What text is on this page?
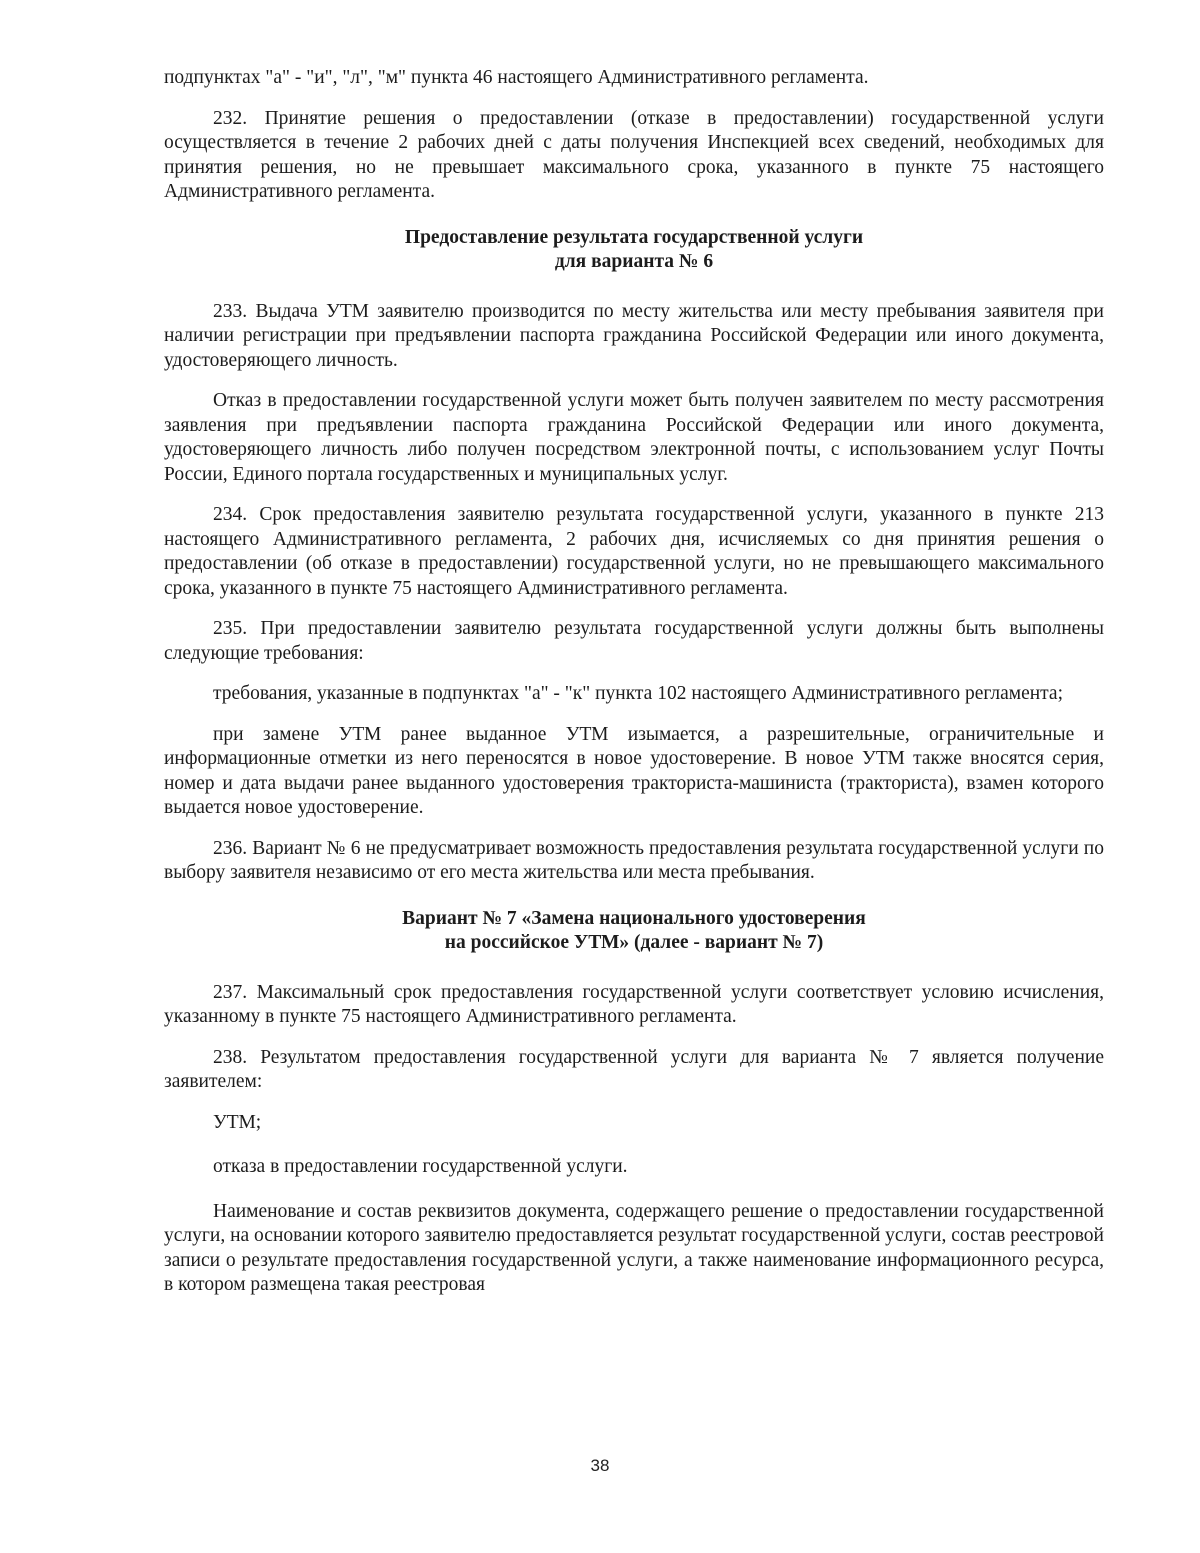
подпунктах "а" - "и", "л", "м" пункта 46 настоящего Административного регламента.

232. Принятие решения о предоставлении (отказе в предоставлении) государственной услуги осуществляется в течение 2 рабочих дней с даты получения Инспекцией всех сведений, необходимых для принятия решения, но не превышает максимального срока, указанного в пункте 75 настоящего Административного регламента.

Предоставление результата государственной услуги
для варианта № 6

233. Выдача УТМ заявителю производится по месту жительства или месту пребывания заявителя при наличии регистрации при предъявлении паспорта гражданина Российской Федерации или иного документа, удостоверяющего личность.

Отказ в предоставлении государственной услуги может быть получен заявителем по месту рассмотрения заявления при предъявлении паспорта гражданина Российской Федерации или иного документа, удостоверяющего личность либо получен посредством электронной почты, с использованием услуг Почты России, Единого портала государственных и муниципальных услуг.

234. Срок предоставления заявителю результата государственной услуги, указанного в пункте 213 настоящего Административного регламента, 2 рабочих дня, исчисляемых со дня принятия решения о предоставлении (об отказе в предоставлении) государственной услуги, но не превышающего максимального срока, указанного в пункте 75 настоящего Административного регламента.

235. При предоставлении заявителю результата государственной услуги должны быть выполнены следующие требования:

требования, указанные в подпунктах "а" - "к" пункта 102 настоящего Административного регламента;

при замене УТМ ранее выданное УТМ изымается, а разрешительные, ограничительные и информационные отметки из него переносятся в новое удостоверение. В новое УТМ также вносятся серия, номер и дата выдачи ранее выданного удостоверения тракториста-машиниста (тракториста), взамен которого выдается новое удостоверение.

236. Вариант № 6 не предусматривает возможность предоставления результата государственной услуги по выбору заявителя независимо от его места жительства или места пребывания.

Вариант № 7 «Замена национального удостоверения
на российское УТМ» (далее - вариант № 7)

237. Максимальный срок предоставления государственной услуги соответствует условию исчисления, указанному в пункте 75 настоящего Административного регламента.

238. Результатом предоставления государственной услуги для варианта № 7 является получение заявителем:

УТМ;

отказа в предоставлении государственной услуги.

Наименование и состав реквизитов документа, содержащего решение о предоставлении государственной услуги, на основании которого заявителю предоставляется результат государственной услуги, состав реестровой записи о результате предоставления государственной услуги, а также наименование информационного ресурса, в котором размещена такая реестровая

38
